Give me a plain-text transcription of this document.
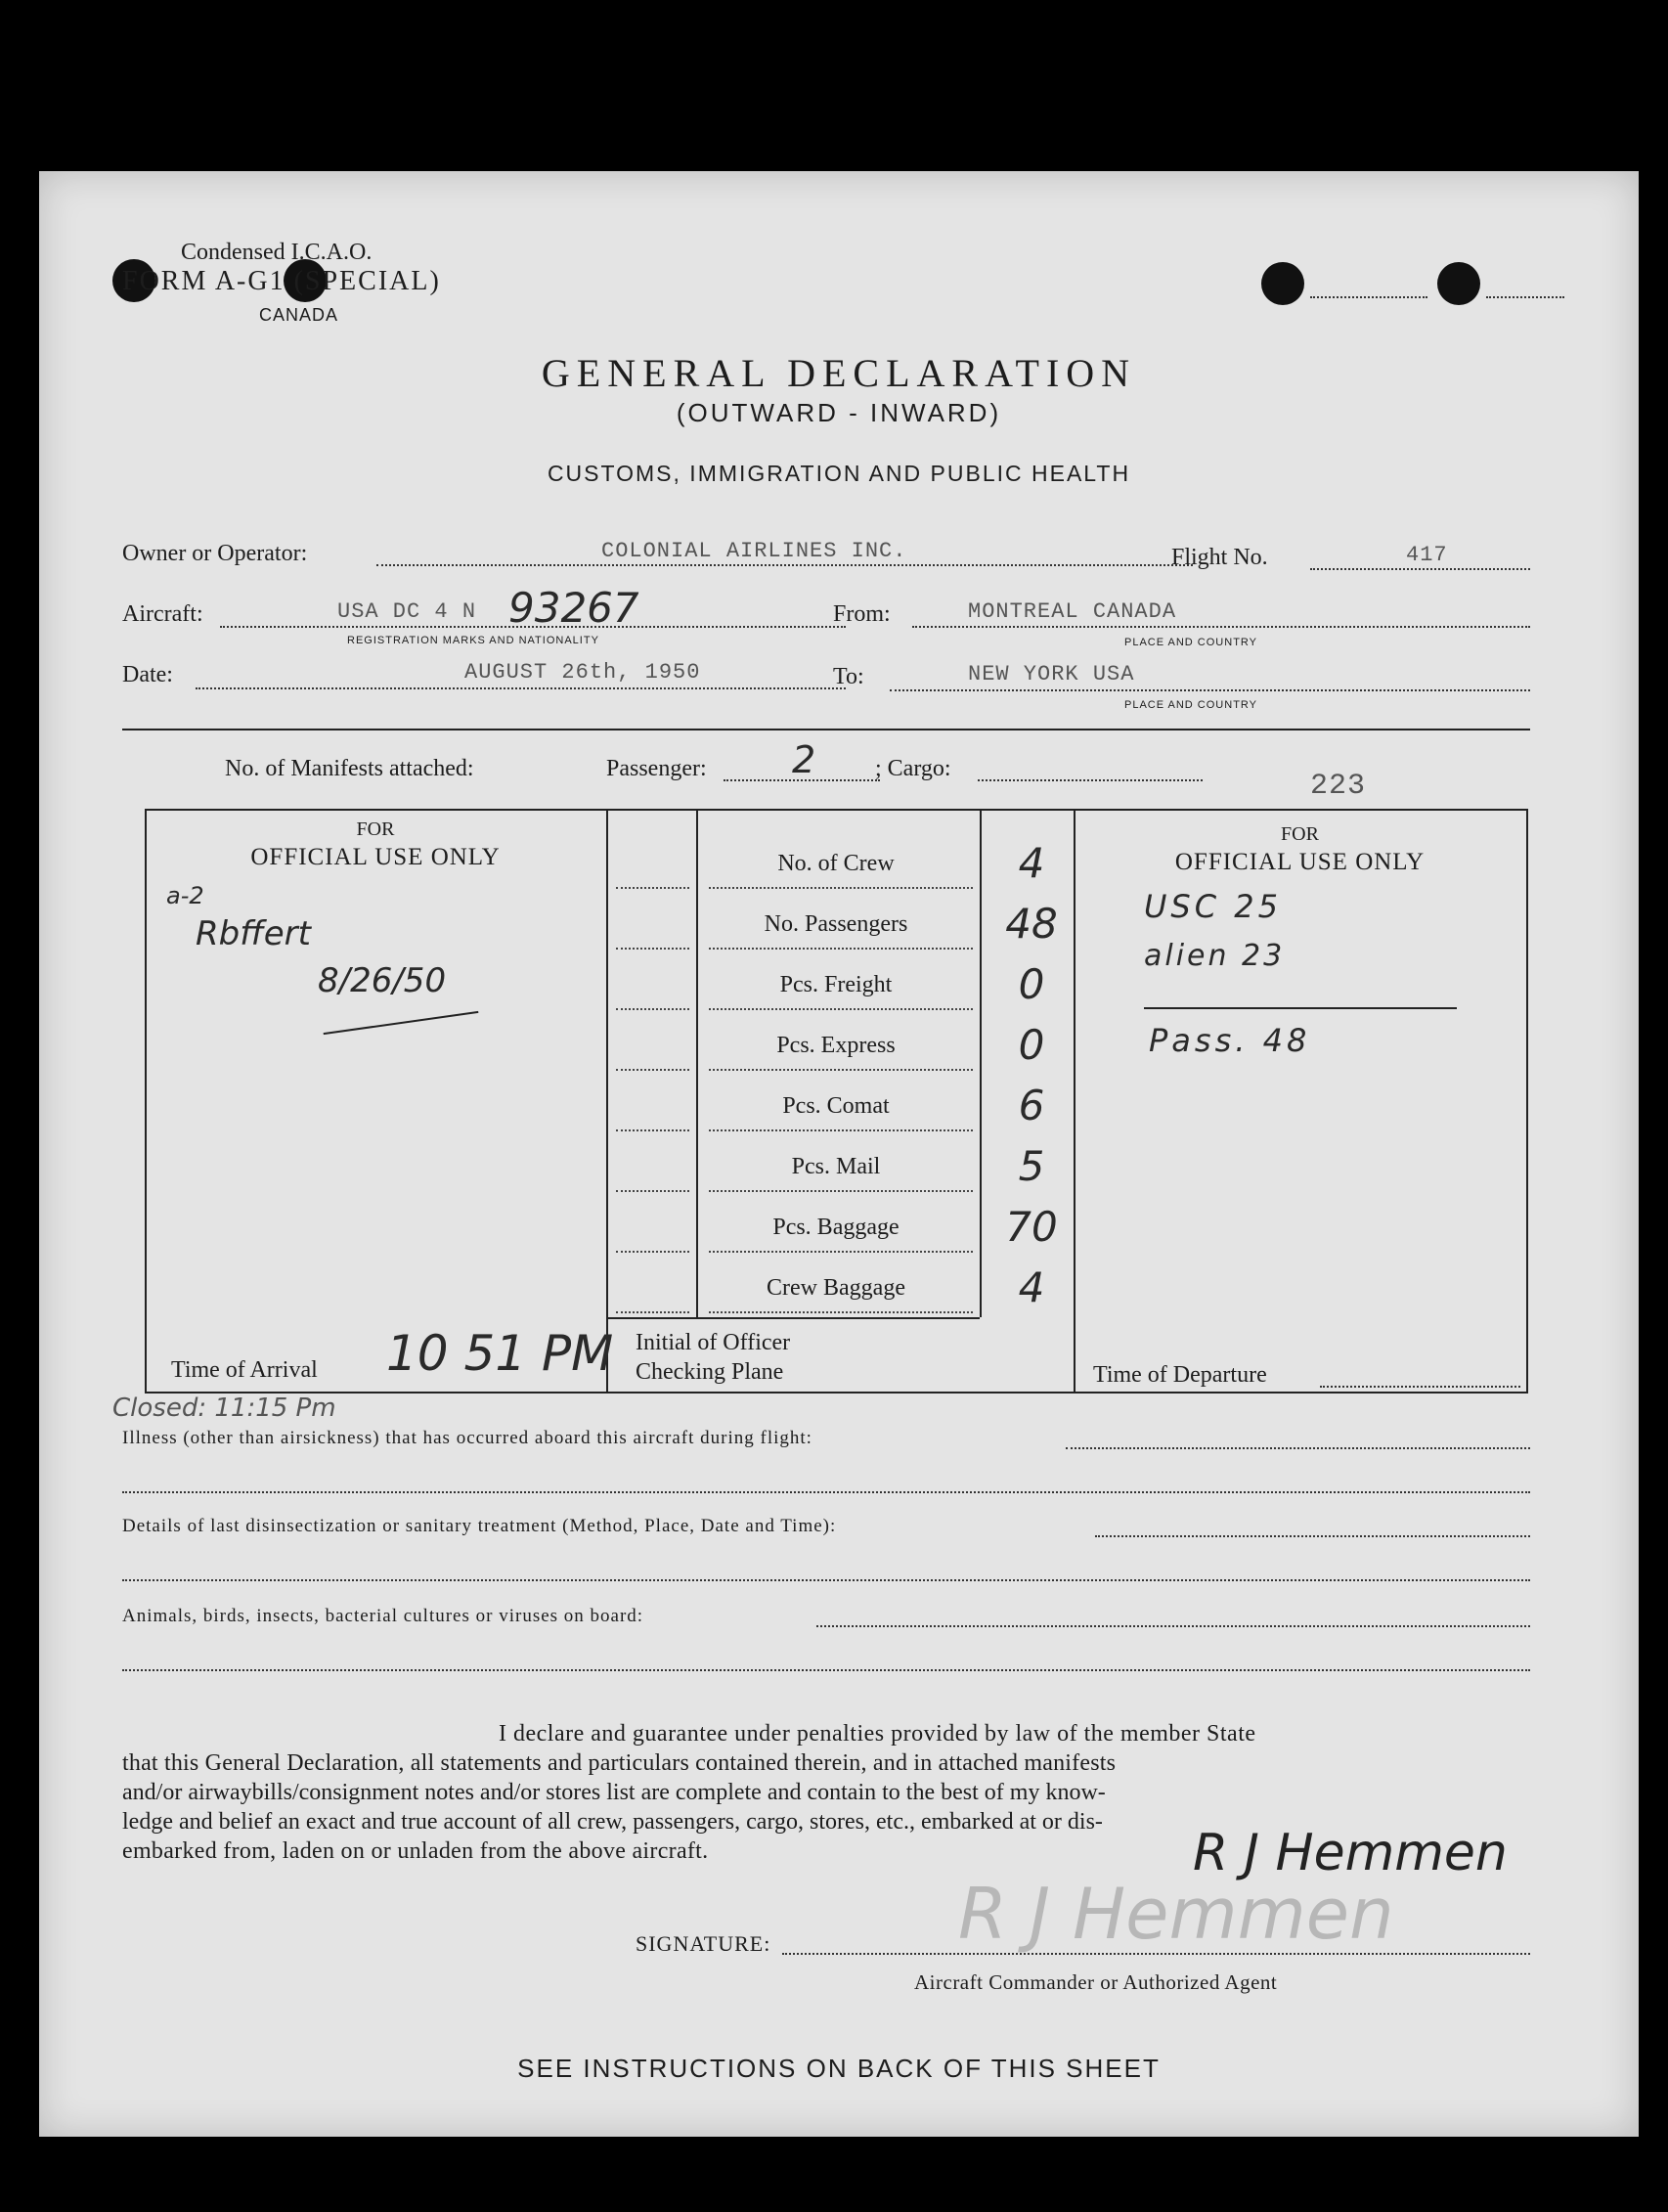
Condensed I.C.A.O.
FORM A-G1 (SPECIAL)
CANADA
GENERAL DECLARATION
(OUTWARD - INWARD)
CUSTOMS, IMMIGRATION AND PUBLIC HEALTH
Owner or Operator:	COLONIAL AIRLINES INC.	Flight No.	417
Aircraft:	USA DC 4 N 93267
REGISTRATION MARKS AND NATIONALITY
From:	MONTREAL CANADA
PLACE AND COUNTRY
Date:	AUGUST 26th, 1950	To:	NEW YORK USA
PLACE AND COUNTRY
No. of Manifests attached:	Passenger: 2	; Cargo:
223
FOR
OFFICIAL USE ONLY
a-2
Rbffert
8/26/50
No. of Crew	4
No. Passengers	48
Pcs. Freight	0
Pcs. Express	0
Pcs. Comat	6
Pcs. Mail	5
Pcs. Baggage	70
Crew Baggage	4
FOR
OFFICIAL USE ONLY
USC 25
alien 23
Pass. 48
Time of Arrival 10 51 PM Initial of Officer
Checking Plane	Time of Departure
Closed: 11:15 Pm
Illness (other than airsickness) that has occurred aboard this aircraft during flight:
Details of last disinsectization or sanitary treatment (Method, Place, Date and Time):
Animals, birds, insects, bacterial cultures or viruses on board:
I declare and guarantee under penalties provided by law of the member State
that this General Declaration, all statements and particulars contained therein, and in attached manifests
and/or airwaybills/consignment notes and/or stores list are complete and contain to the best of my know-
ledge and belief an exact and true account of all crew, passengers, cargo, stores, etc., embarked at or dis-
embarked from, laden on or unladen from the above aircraft.	R J Hemmen
R J Hemmen
SIGNATURE:
Aircraft Commander or Authorized Agent
SEE INSTRUCTIONS ON BACK OF THIS SHEET
